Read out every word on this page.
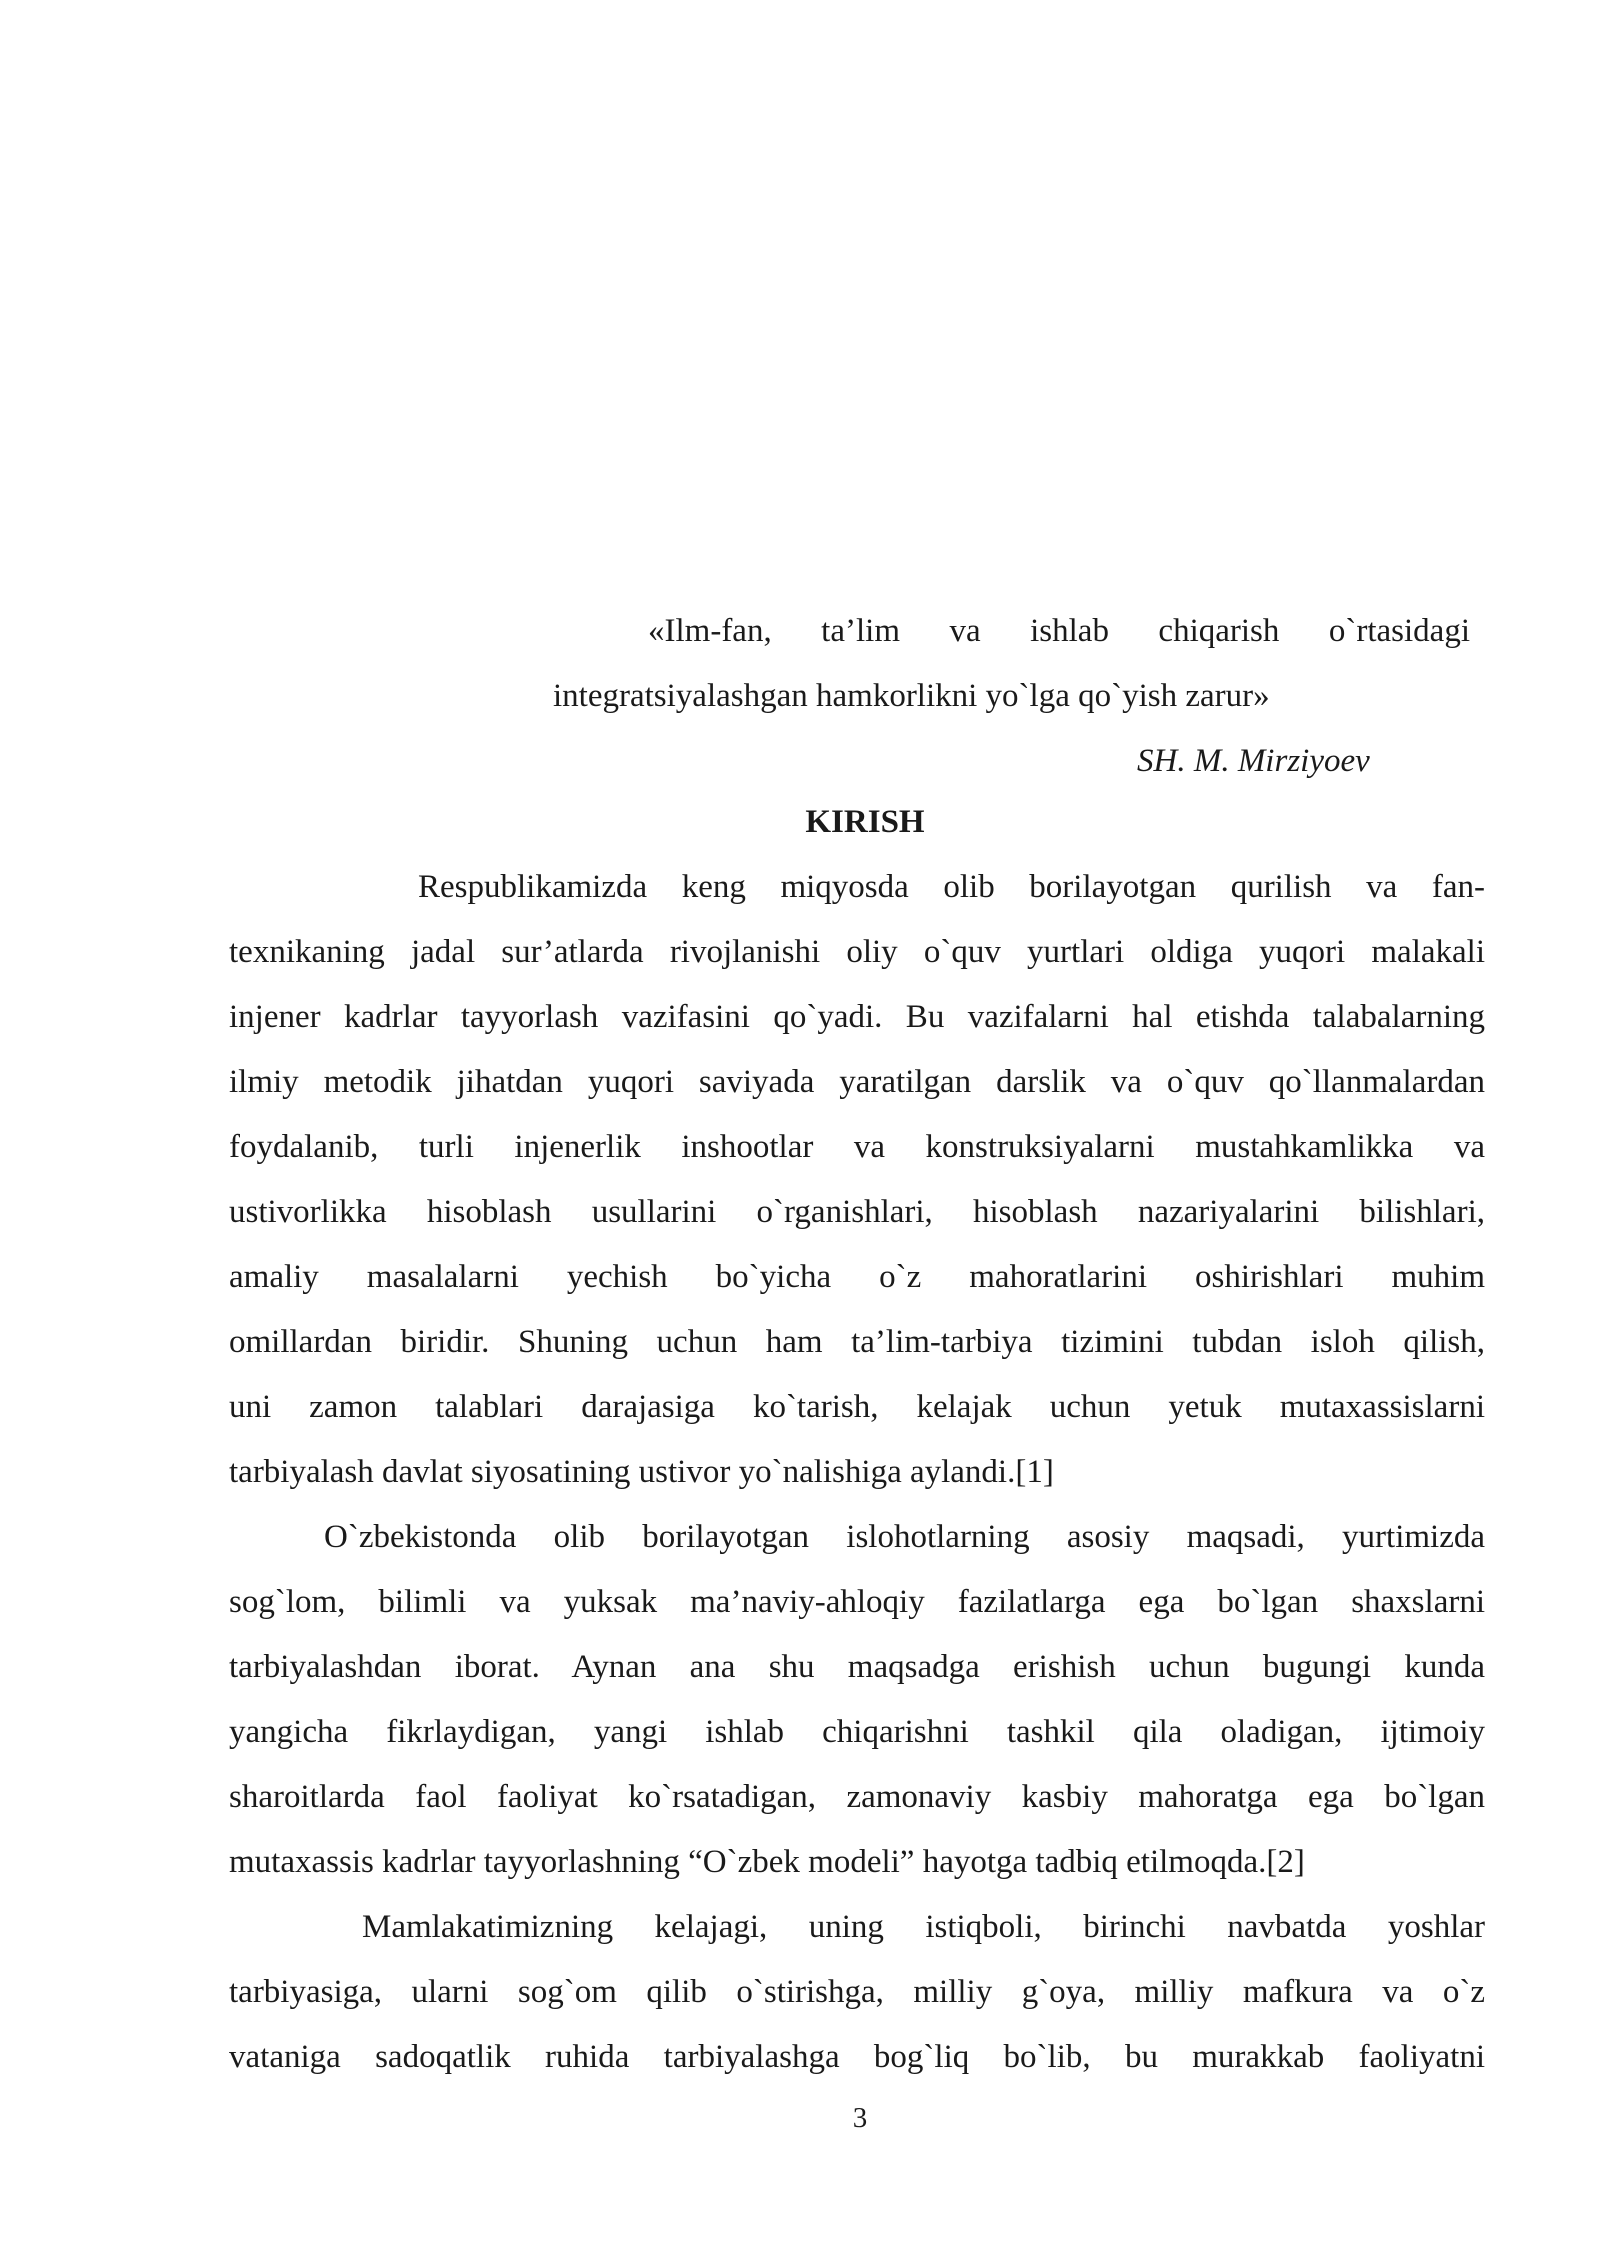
«Ilm-fan, ta’lim va ishlab chiqarish o`rtasidagi
integratsiyalashgan hamkorlikni yo`lga qo`yish zarur»
SH. M. Mirziyoev
KIRISH
Respublikamizda keng miqyosda olib borilayotgan qurilish va fan-
texnikaning jadal sur’atlarda rivojlanishi oliy o`quv yurtlari oldiga yuqori malakali
injener kadrlar tayyorlash vazifasini qo`yadi. Bu vazifalarni hal etishda talabalarning
ilmiy metodik jihatdan yuqori saviyada yaratilgan darslik va o`quv qo`llanmalardan
foydalanib, turli injenerlik inshootlar va konstruksiyalarni mustahkamlikka va
ustivorlikka hisoblash usullarini o`rganishlari, hisoblash nazariyalarini bilishlari,
amaliy masalalarni yechish bo`yicha o`z mahoratlarini oshirishlari muhim
omillardan biridir. Shuning uchun ham ta’lim-tarbiya tizimini tubdan isloh qilish,
uni zamon talablari darajasiga ko`tarish, kelajak uchun yetuk mutaxassislarni
tarbiyalash davlat siyosatining ustivor yo`nalishiga aylandi.[1]
O`zbekistonda olib borilayotgan islohotlarning asosiy maqsadi, yurtimizda
sog`lom, bilimli va yuksak ma’naviy-ahloqiy fazilatlarga ega bo`lgan shaxslarni
tarbiyalashdan iborat. Aynan ana shu maqsadga erishish uchun bugungi kunda
yangicha fikrlaydigan, yangi ishlab chiqarishni tashkil qila oladigan, ijtimoiy
sharoitlarda faol faoliyat ko`rsatadigan, zamonaviy kasbiy mahoratga ega bo`lgan
mutaxassis kadrlar tayyorlashning “O`zbek modeli” hayotga tadbiq etilmoqda.[2]
Mamlakatimizning kelajagi, uning istiqboli, birinchi navbatda yoshlar
tarbiyasiga, ularni sog`om qilib o`stirishga, milliy g`oya, milliy mafkura va o`z
vataniga sadoqatlik ruhida tarbiyalashga bog`liq bo`lib, bu murakkab faoliyatni
3
